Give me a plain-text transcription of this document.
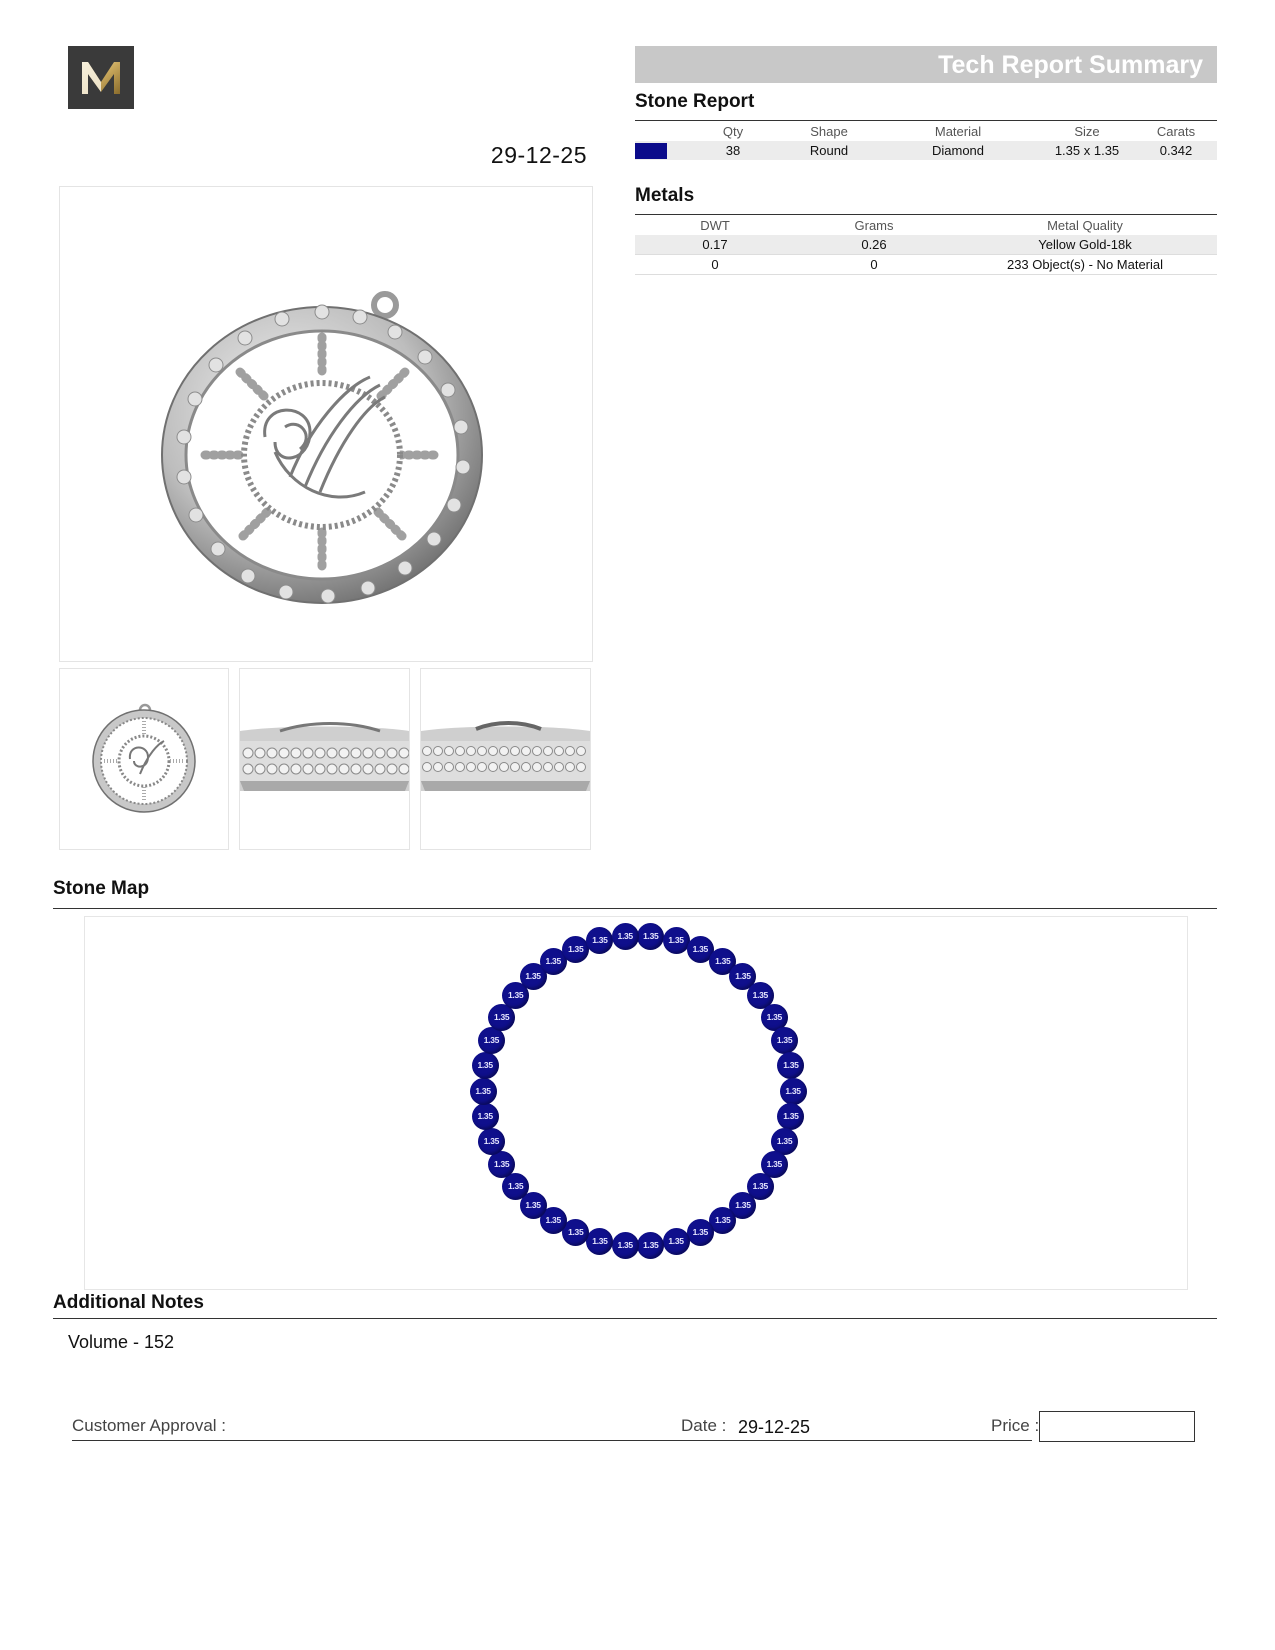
29-12-25
Tech Report Summary
Stone Report
	Qty	Shape	Material	Size	Carats

	38	Round	Diamond	1.35 x 1.35	0.342
Metals
DWT	Grams	Metal Quality
0.17	0.26	Yellow Gold-18k
0	0	233 Object(s) - No Material
Stone Map
1.35	1.35
1.35
1.35
1.35
1.35
1.35
1.35
1.35
1.35
1.35
1.35
1.35
1.35
1.35
1.35
1.35
1.35
1.35
1.35
1.35
1.35
1.35
1.35
1.35
1.35
1.35
1.35
1.35
1.35
1.35
1.35
1.35
1.35
1.35
1.35
1.35	1.35
Additional Notes
Volume - 152
Customer Approval :	Date : 29-12-25	Price :
